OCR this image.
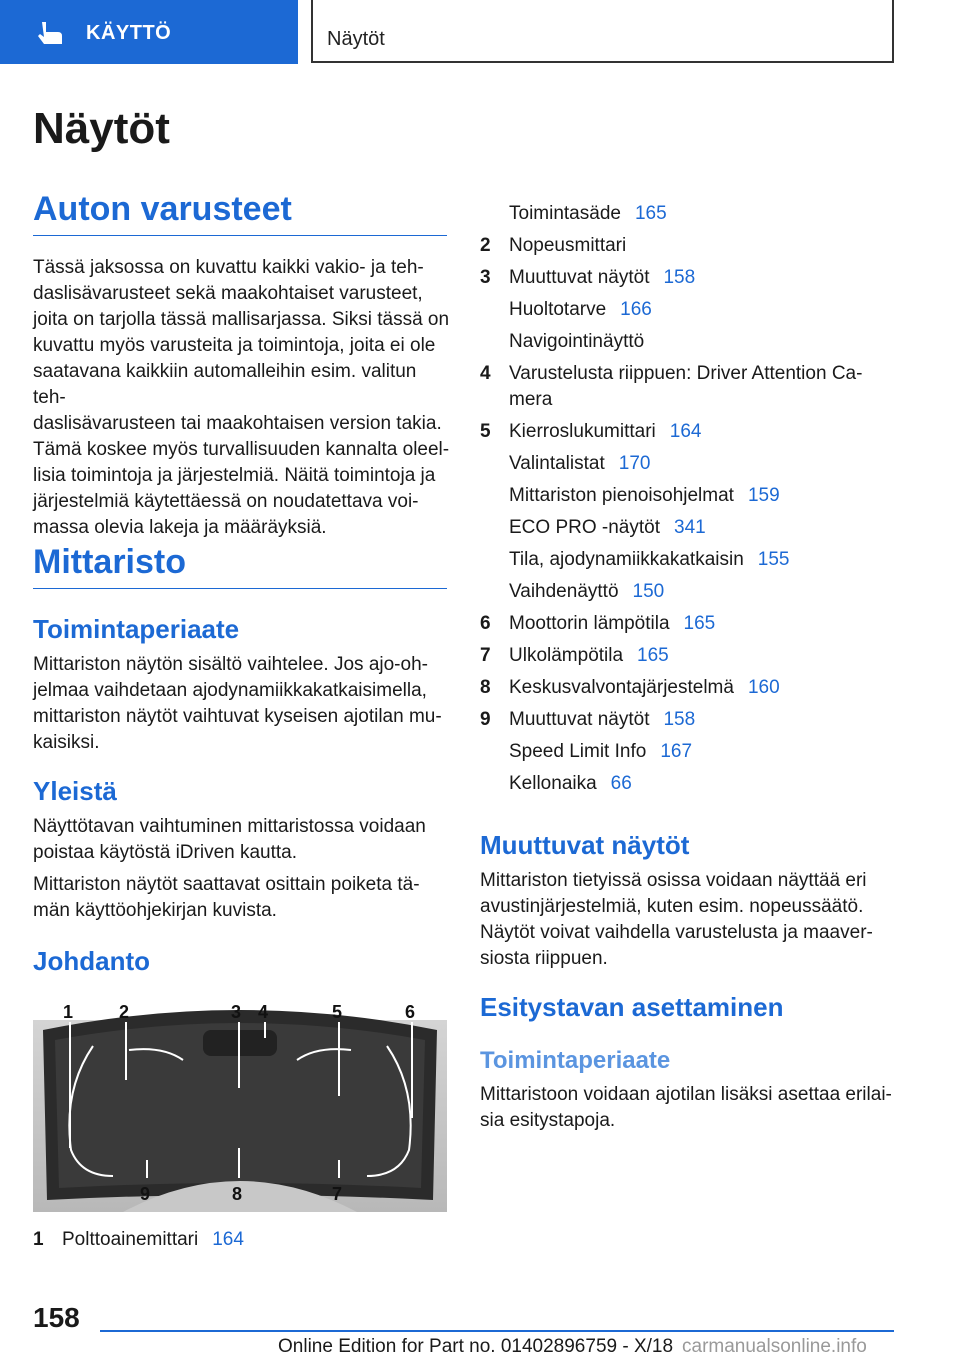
KÄYTTÖ	Näytöt
Näytöt
Auton varusteet

Tässä jaksossa on kuvattu kaikki vakio- ja teh-

daslisävarusteet sekä maakohtaiset varusteet,

joita on tarjolla tässä mallisarjassa. Siksi tässä on

kuvattu myös varusteita ja toimintoja, joita ei ole

saatavana kaikkiin automalleihin esim. valitun teh-

daslisävarusteen tai maakohtaisen version takia.

Tämä koskee myös turvallisuuden kannalta oleel-

lisia toimintoja ja järjestelmiä. Näitä toimintoja ja

järjestelmiä käytettäessä on noudatettava voi-

massa olevia lakeja ja määräyksiä.

Mittaristo
Toimintaperiaate

Mittariston näytön sisältö vaihtelee. Jos ajo-oh-

jelmaa vaihdetaan ajodynamiikkakatkaisimella,

mittariston näytöt vaihtuvat kyseisen ajotilan mu-

kaisiksi.

Yleistä

Näyttötavan vaihtuminen mittaristossa voidaan

poistaa käytöstä iDriven kautta.

Mittariston näytöt saattavat osittain poiketa tä-

män käyttöohjekirjan kuvista.

Johdanto
1	2	3 4	5	6
7
8
9
1 Polttoainemittari 164
Toimintasäde 165
2 Nopeusmittari
3 Muuttuvat näytöt 158
Huoltotarve 166
Navigointinäyttö
4 Varustelusta riippuen: Driver Attention Ca-
mera
5 Kierroslukumittari 164
Valintalistat 170
Mittariston pienoisohjelmat 159
ECO PRO -näytöt 341
Tila, ajodynamiikkakatkaisin 155
Vaihdenäyttö 150
6 Moottorin lämpötila 165
7 Ulkolämpötila 165
8 Keskusvalvontajärjestelmä 160
9 Muuttuvat näytöt 158
Speed Limit Info 167
Kellonaika 66
Muuttuvat näytöt

Mittariston tietyissä osissa voidaan näyttää eri

avustinjärjestelmiä, kuten esim. nopeussäätö.

Näytöt voivat vaihdella varustelusta ja maaver-

siosta riippuen.

Esitystavan asettaminen
Toimintaperiaate

Mittaristoon voidaan ajotilan lisäksi asettaa erilai-

sia esitystapoja.

158
Online Edition for Part no. 01402896759 - X/18 carmanualsonline.info
